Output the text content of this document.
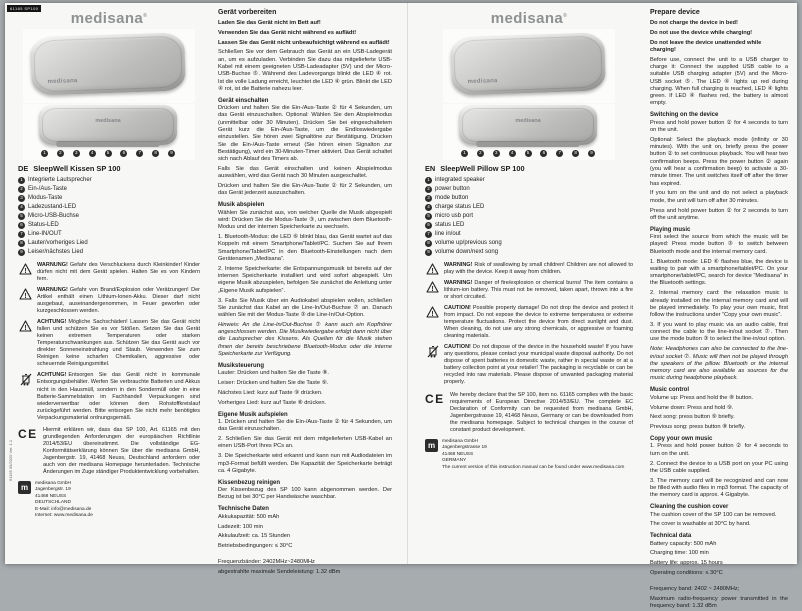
61165 SP100
61165 05/2020 Ver. 1.1
medisana®
medisana
medisana
1	2	3	4	5	6	7	8	9
DE SleepWell Kissen SP 100
1 Integrierte Lautsprecher
2 Ein-/Aus-Taste
3 Modus-Taste
4 Ladezustand-LED
5 Micro-USB-Buchse
6 Status-LED
7 Line-IN/OUT
8 Lauter/vorheriges Lied
9 Leiser/nächstes Lied
!
WARNUNG! Gefahr des Verschluckens durch Kleinkinder! Kinder dürfen nicht mit dem Gerät spielen. Halten Sie es von Kindern fern.
!
WARNUNG! Gefahr von Brand/Explosion oder Verätzungen! Der Artikel enthält einen Lithium-Ionen-Akku. Dieser darf nicht ausgebaut, auseinandergenommen, in Feuer geworfen oder kurzgeschlossen werden.
!
ACHTUNG! Mögliche Sachschäden! Lassen Sie das Gerät nicht fallen und schützen Sie es vor Stößen. Setzen Sie das Gerät keinen extremen Temperaturen oder starken Temperaturschwankungen aus. Schützen Sie das Gerät auch vor direkter Sonneneinstrahlung und Staub. Verwenden Sie zum Reinigen keine scharfen Chemikalien, aggressive oder scheuernde Reinigungsmittel.
ACHTUNG! Entsorgen Sie das Gerät nicht in kommunale Entsorgungsbehälter. Werfen Sie verbrauchte Batterien und Akkus nicht in den Hausmüll, sondern in den Sondermüll oder in eine Batterie-Sammelstation im Fachhandel! Verpackungen sind wiederverwertbar oder können dem Rohstoffkreislauf zurückgeführt werden. Bitte entsorgen Sie nicht mehr benötigtes Verpackungsmaterial ordnungsgemäß.
CE Hiermit erklären wir, dass das SP 100, Art. 61165 mit den grundlegenden Anforderungen der europäischen Richtlinie 2014/53/EU übereinstimmt. Die vollständige EG-Konformitätserklärung können Sie über die medisana GmbH, Jagenbergstr. 19, 41468 Neuss, Deutschland anfordern oder auch von der medisana Homepage herunterladen. Technische Änderungen im Zuge ständiger Produktentwicklung vorbehalten.
m	medisana GmbH
Jagenbergstr. 19
41468 NEUSS
DEUTSCHLAND
E-Mail: info@medisana.de
Internet: www.medisana.de
Gerät vorbereiten
Laden Sie das Gerät nicht im Bett auf!
Verwenden Sie das Gerät nicht während es auflädt!
Lassen Sie das Gerät nicht unbeaufsichtigt während es auflädt!
Schließen Sie vor dem Gebrauch das Gerät an ein USB-Ladegerät an, um es aufzuladen. Verbinden Sie dazu das mitgelieferte USB-Kabel mit einem geeigneten USB-Ladeadapter (5V) und der Micro-USB-Buchse ⑤. Während des Ladevorgangs blinkt die LED ④ rot. Ist die volle Ladung erreicht, leuchtet die LED ④ grün. Blinkt die LED ④ rot, ist die Batterie nahezu leer.
Gerät einschalten
Drücken und halten Sie die Ein-/Aus-Taste ② für 4 Sekunden, um das Gerät einzuschalten. Optional: Wählen Sie den Abspielmodus (unmittelbar oder 30 Minuten). Drücken Sie bei eingeschaltetem Gerät kurz die Ein-/Aus-Taste, um die Endloswiedergabe einzustellen. Sie hören zwei Signaltöne zur Bestätigung. Drücken Sie die Ein-/Aus-Taste erneut (Sie hören einen Signalton zur Bestätigung), wird ein 30-Minuten-Timer aktiviert. Das Gerät schaltet sich nach Ablauf des Timers ab.
Falls Sie das Gerät einschalten und keinen Abspielmodus auswählen, wird das Gerät nach 30 Minuten ausgeschaltet.
Drücken und halten Sie die Ein-/Aus-Taste ② für 2 Sekunden, um das Gerät jederzeit auszuschalten.
Musik abspielen
Wählen Sie zunächst aus, von welcher Quelle die Musik abgespielt wird: Drücken Sie die Modus-Taste ③, um zwischen dem Bluetooth-Modus und der internen Speicherkarte zu wechseln.
1. Bluetooth-Modus: die LED ⑥ blinkt blau, das Gerät wartet auf das Koppeln mit einem Smartphone/Tablet/PC. Suchen Sie auf Ihrem Smartphone/Tablet/PC in den Bluetooth-Einstellungen nach dem Gerätenamen „Medisana“.
2. Interne Speicherkarte: die Entspannungsmusik ist bereits auf der internen Speicherkarte installiert und wird sofort abgespielt. Um eigene Musik abzuspielen, befolgen Sie zunächst die Anleitung unter „Eigene Musik aufspielen“.
3. Falls Sie Musik über ein Audiokabel abspielen wollen, schließen Sie zunächst das Kabel an die Line-In/Out-Buchse ⑦ an. Danach wählen Sie mit der Modus-Taste ③ die Line-In/Out-Option.
Hinweis: An die Line-In/Out-Buchse ⑦ kann auch ein Kopfhörer angeschlossen werden. Die Musikwiedergabe erfolgt dann nicht über die Lautsprecher des Kissens. Als Quellen für die Musik stehen Ihnen der bereits beschriebene Bluetooth-Modus oder die interne Speicherkarte zur Verfügung.
Musiksteuerung
Lauter: Drücken und halten Sie die Taste ⑧.
Leiser: Drücken und halten Sie die Taste ⑨.
Nächstes Lied: kurz auf Taste ⑨ drücken.
Vorheriges Lied: kurz auf Taste ⑧ drücken.
Eigene Musik aufspielen
1. Drücken und halten Sie die Ein-/Aus-Taste ② für 4 Sekunden, um das Gerät einzuschalten.
2. Schließen Sie das Gerät mit dem mitgelieferten USB-Kabel an einen USB-Port Ihres PCs an.
3. Die Speicherkarte wird erkannt und kann nun mit Audiodateien im mp3-Format befüllt werden. Die Kapazität der Speicherkarte beträgt ca. 4 Gigabyte.
Kissenbezug reinigen
Der Kissenbezug des SP 100 kann abgenommen werden. Der Bezug ist bei 30°C per Handwäsche waschbar.
Technische Daten
Akkukapazität: 500 mAh
Ladezeit: 100 min
Akkulaufzeit: ca. 15 Stunden
Betriebsbedingungen: ≤ 30°C
Frequenzbänder: 2402MHz~2480MHz
abgestrahlte maximale Sendeleistung: 1.32 dBm
medisana®
medisana
medisana
1	2	3	4	5	6	7	8	9
EN SleepWell Pillow SP 100
1 integrated speaker
2 power button
3 mode button
4 charge status LED
5 micro usb port
6 status LED
7 line in/out
8 volume up/previous song
9 volume down/next song
!
WARNING! Risk of swallowing by small children! Children are not allowed to play with the device. Keep it away from children.
!
WARNING! Danger of fire/explosion or chemical burns! The item contains a lithium-ion battery. This must not be removed, taken apart, thrown into a fire or short circuited.
!
CAUTION! Possible property damage! Do not drop the device and protect it from impact. Do not expose the device to extreme temperatures or extreme temperature fluctuations. Protect the device from direct sunlight and dust. When cleaning, do not use any strong chemicals, or aggressive or foaming cleaning materials.
CAUTION! Do not dispose of the device in the household waste! If you have any questions, please contact your municipal waste disposal authority. Do not dispose of spent batteries in domestic waste, rather in special waste or at a battery collection point at your retailer! The packaging is recyclable or can be recycled into raw materials. Please dispose of unwanted packaging material properly.
CE We hereby declare that the SP 100, item no. 61165 complies with the basic requirements of European Directive 2014/53/EU. The complete EC Declaration of Conformity can be requested from medisana GmbH, Jagenbergstrasse 19, 41468 Neuss, Germany or can be downloaded from the medisana homepage. Subject to technical changes in the course of constant product development.
m	medisana GmbH
Jagenbergstrasse 19
41468 NEUSS
GERMANY
The current version of this instruction manual can be found under www.medisana.com
Prepare device
Do not charge the device in bed!
Do not use the device while charging!
Do not leave the device unattended while charging!
Before use, connect the unit to a USB charger to charge it: Connect the supplied USB cable to a suitable USB charging adapter (5V) and the Micro-USB socket ⑤. The LED ④ lights up red during charging. When full charging is reached, LED ④ lights green. If LED ④ flashes red, the battery is almost empty.
Switching on the device
Press and hold power button ② for 4 seconds to turn on the unit.
Optional: Select the playback mode (infinity or 30 minutes). With the unit on, briefly press the power button ② to set continuous playback. You will hear two confirmation beeps. Press the power button ② again (you will hear a confirmation beep) to activate a 30-minute timer. The unit switches itself off after the timer has expired.
If you turn on the unit and do not select a playback mode, the unit will turn off after 30 minutes.
Press and hold power button ② for 2 seconds to turn off the unit anytime.
Playing music
First select the source from which the music will be played: Press mode button ③ to switch between Bluetooth mode and the internal memory card.
1. Bluetooth mode: LED ⑥ flashes blue, the device is waiting to pair with a smartphone/tablet/PC. On your smartphone/tablet/PC, search for device “Medisana” in the Bluetooth settings.
2. Internal memory card: the relaxation music is already installed on the internal memory card and will be played immediately. To play your own music, first follow the instructions under “Copy your own music”.
3. If you want to play music via an audio cable, first connect the cable to the line-in/out socket ⑦. Then use the mode button ③ to select the line-in/out option.
Note: Headphones can also be connected to the line-in/out socket ⑦. Music will then not be played through the speakers of the pillow. Bluetooth or the internal memory card are also available as sources for the music during headphone playback.
Music control
Volume up: Press and hold the ⑧ button.
Volume down: Press and hold ⑨.
Next song: press button ⑨ briefly.
Previous song: press button ⑧ briefly.
Copy your own music
1. Press and hold power button ② for 4 seconds to turn on the unit.
2. Connect the device to a USB port on your PC using the USB cable supplied.
3. The memory card will be recognized and can now be filled with audio files in mp3 format. The capacity of the memory card is approx. 4 Gigabyte.
Cleaning the cushion cover
The cushion cover of the SP 100 can be removed.
The cover is washable at 30°C by hand.
Technical data
Battery capacity: 500 mAh
Charging time: 100 min
Battery life: approx. 15 hours
Operating conditions: ≤ 30°C
Frequency band: 2402 ~ 2480MHz;
Maximum radio-frequency power transmitted in the frequency band: 1.32 dBm
